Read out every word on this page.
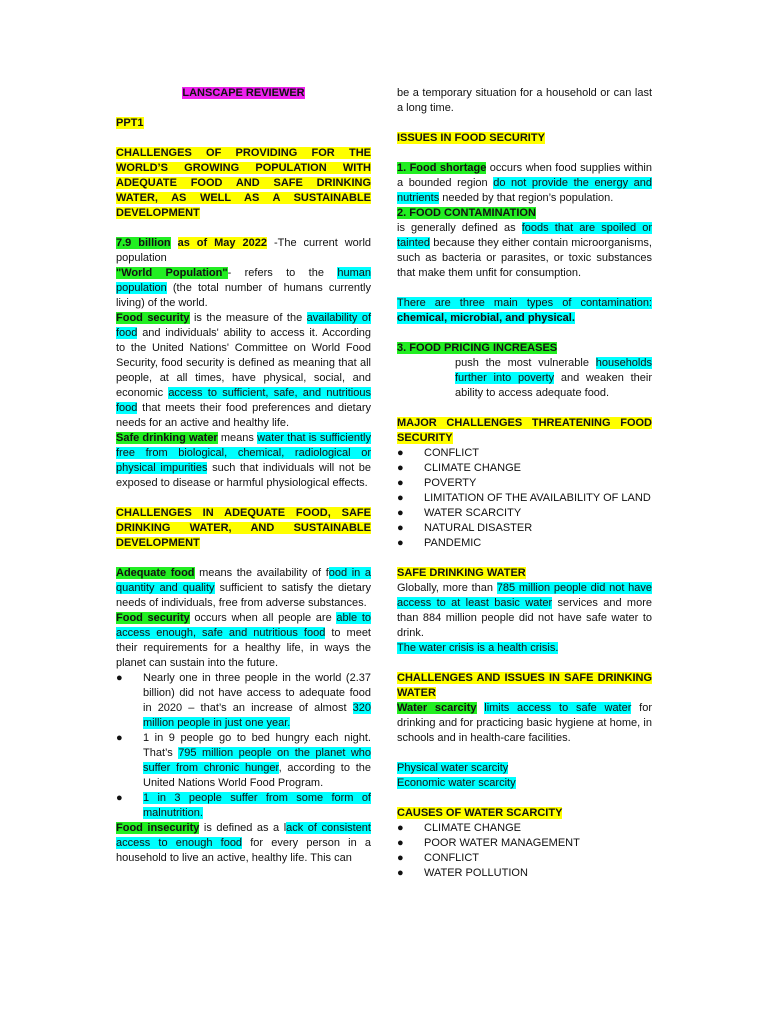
LANSCAPE REVIEWER

PPT1

CHALLENGES OF PROVIDING FOR THE WORLD’S GROWING POPULATION WITH ADEQUATE FOOD AND SAFE DRINKING WATER, AS WELL AS A SUSTAINABLE DEVELOPMENT

7.9 billion as of May 2022 -The current world population

"World Population"- refers to the human population (the total number of humans currently living) of the world.

Food security is the measure of the availability of food and individuals' ability to access it. According to the United Nations' Committee on World Food Security, food security is defined as meaning that all people, at all times, have physical, social, and economic access to sufficient, safe, and nutritious food that meets their food preferences and dietary needs for an active and healthy life.

Safe drinking water means water that is sufficiently free from biological, chemical, radiological or physical impurities such that individuals will not be exposed to disease or harmful physiological effects.

CHALLENGES IN ADEQUATE FOOD, SAFE DRINKING WATER, AND SUSTAINABLE DEVELOPMENT

Adequate food means the availability of food in a quantity and quality sufficient to satisfy the dietary needs of individuals, free from adverse substances.

Food security occurs when all people are able to access enough, safe and nutritious food to meet their requirements for a healthy life, in ways the planet can sustain into the future.

● Nearly one in three people in the world (2.37 billion) did not have access to adequate food in 2020 – that’s an increase of almost 320 million people in just one year.
● 1 in 9 people go to bed hungry each night. That’s 795 million people on the planet who suffer from chronic hunger, according to the United Nations World Food Program.
● 1 in 3 people suffer from some form of malnutrition.

Food insecurity is defined as a lack of consistent access to enough food for every person in a household to live an active, healthy life. This can

be a temporary situation for a household or can last a long time.

ISSUES IN FOOD SECURITY

1. Food shortage occurs when food supplies within a bounded region do not provide the energy and nutrients needed by that region’s population.

2. FOOD CONTAMINATION

is generally defined as foods that are spoiled or tainted because they either contain microorganisms, such as bacteria or parasites, or toxic substances that make them unfit for consumption.

There are three main types of contamination: chemical, microbial, and physical.

3. FOOD PRICING INCREASES

push the most vulnerable households further into poverty and weaken their ability to access adequate food.

MAJOR CHALLENGES THREATENING FOOD SECURITY

● CONFLICT
● CLIMATE CHANGE
● POVERTY
● LIMITATION OF THE AVAILABILITY OF LAND
● WATER SCARCITY
● NATURAL DISASTER
● PANDEMIC

SAFE DRINKING WATER

Globally, more than 785 million people did not have access to at least basic water services and more than 884 million people did not have safe water to drink.

The water crisis is a health crisis.

CHALLENGES AND ISSUES IN SAFE DRINKING WATER

Water scarcity limits access to safe water for drinking and for practicing basic hygiene at home, in schools and in health-care facilities.

Physical water scarcity

Economic water scarcity

CAUSES OF WATER SCARCITY

● CLIMATE CHANGE
● POOR WATER MANAGEMENT
● CONFLICT
● WATER POLLUTION
